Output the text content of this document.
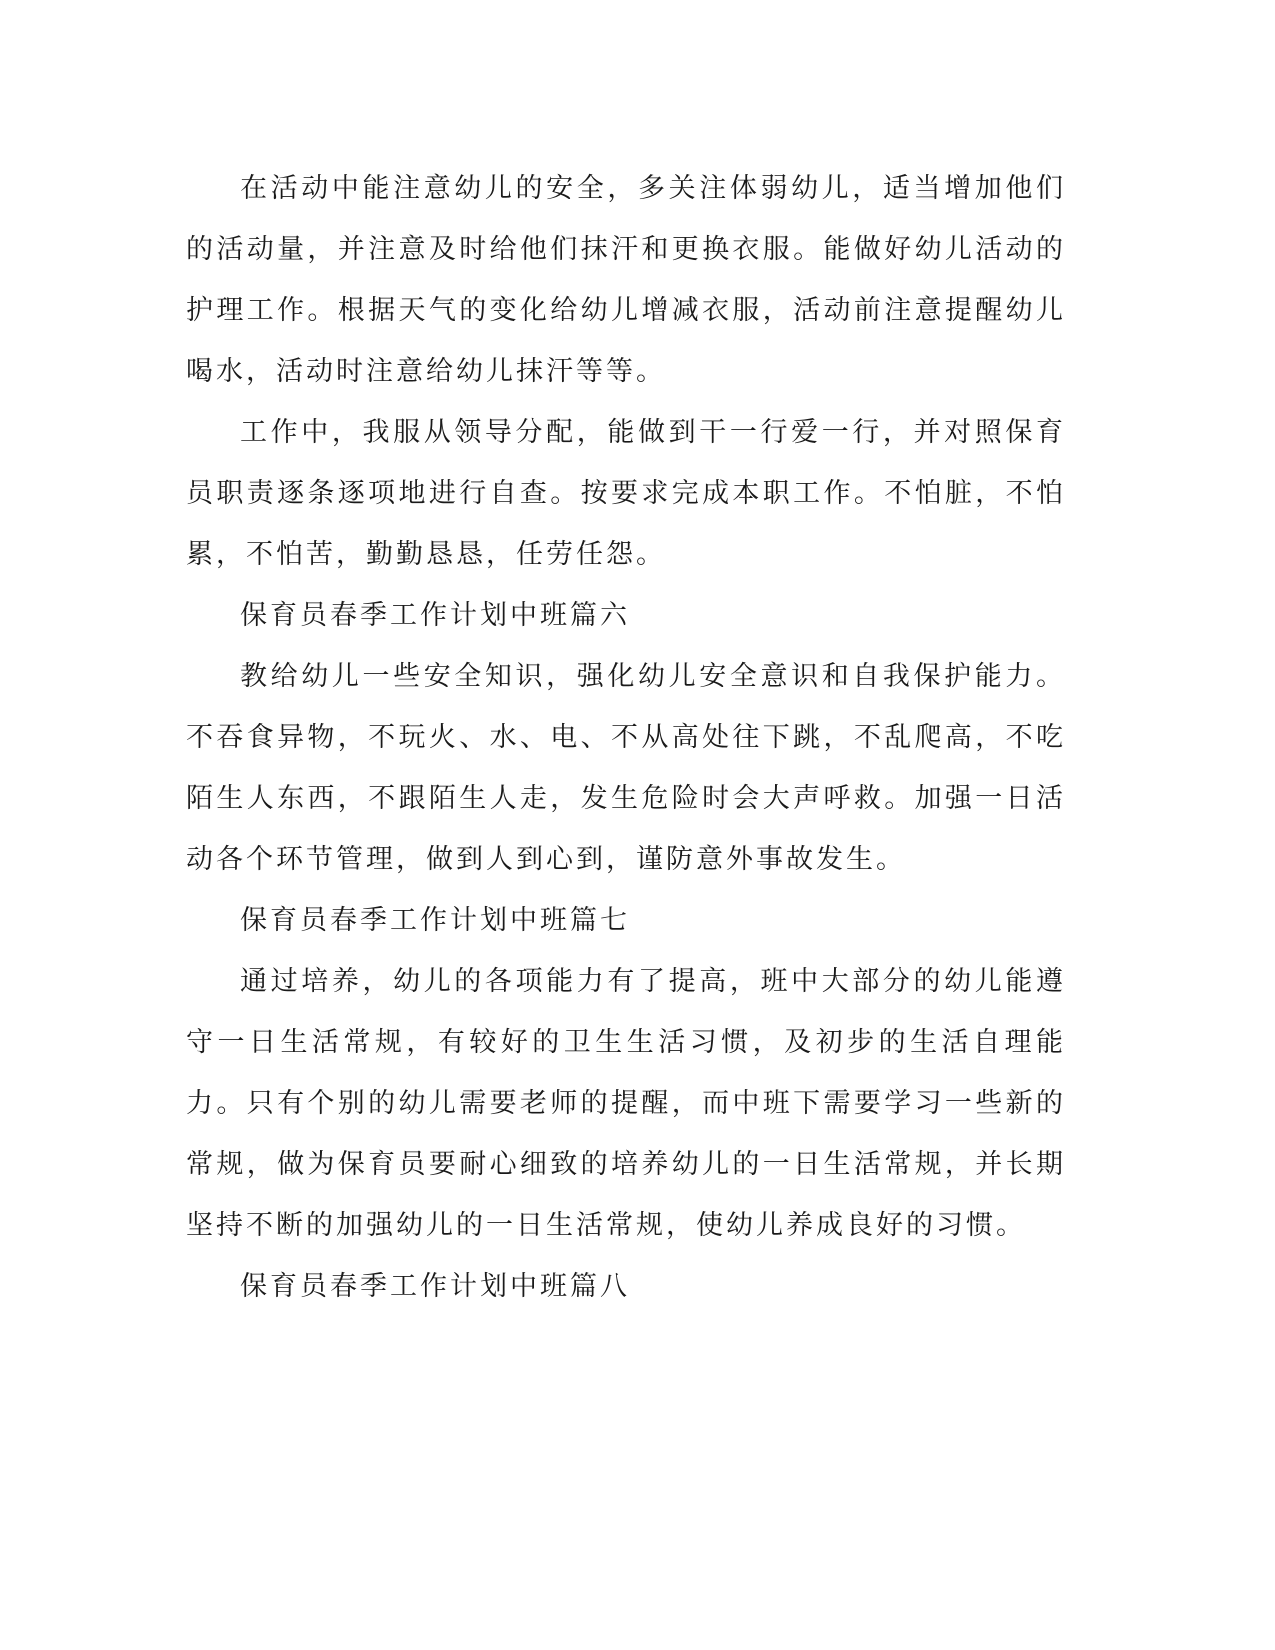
在活动中能注意幼儿的安全，多关注体弱幼儿，适当增加他们的活动量，并注意及时给他们抹汗和更换衣服。能做好幼儿活动的护理工作。根据天气的变化给幼儿增减衣服，活动前注意提醒幼儿喝水，活动时注意给幼儿抹汗等等。

工作中，我服从领导分配，能做到干一行爱一行，并对照保育员职责逐条逐项地进行自查。按要求完成本职工作。不怕脏，不怕累，不怕苦，勤勤恳恳，任劳任怨。

保育员春季工作计划中班篇六

教给幼儿一些安全知识，强化幼儿安全意识和自我保护能力。不吞食异物，不玩火、水、电、不从高处往下跳，不乱爬高，不吃陌生人东西，不跟陌生人走，发生危险时会大声呼救。加强一日活动各个环节管理，做到人到心到，谨防意外事故发生。

保育员春季工作计划中班篇七

通过培养，幼儿的各项能力有了提高，班中大部分的幼儿能遵守一日生活常规，有较好的卫生生活习惯，及初步的生活自理能力。只有个别的幼儿需要老师的提醒，而中班下需要学习一些新的常规，做为保育员要耐心细致的培养幼儿的一日生活常规，并长期坚持不断的加强幼儿的一日生活常规，使幼儿养成良好的习惯。

保育员春季工作计划中班篇八
